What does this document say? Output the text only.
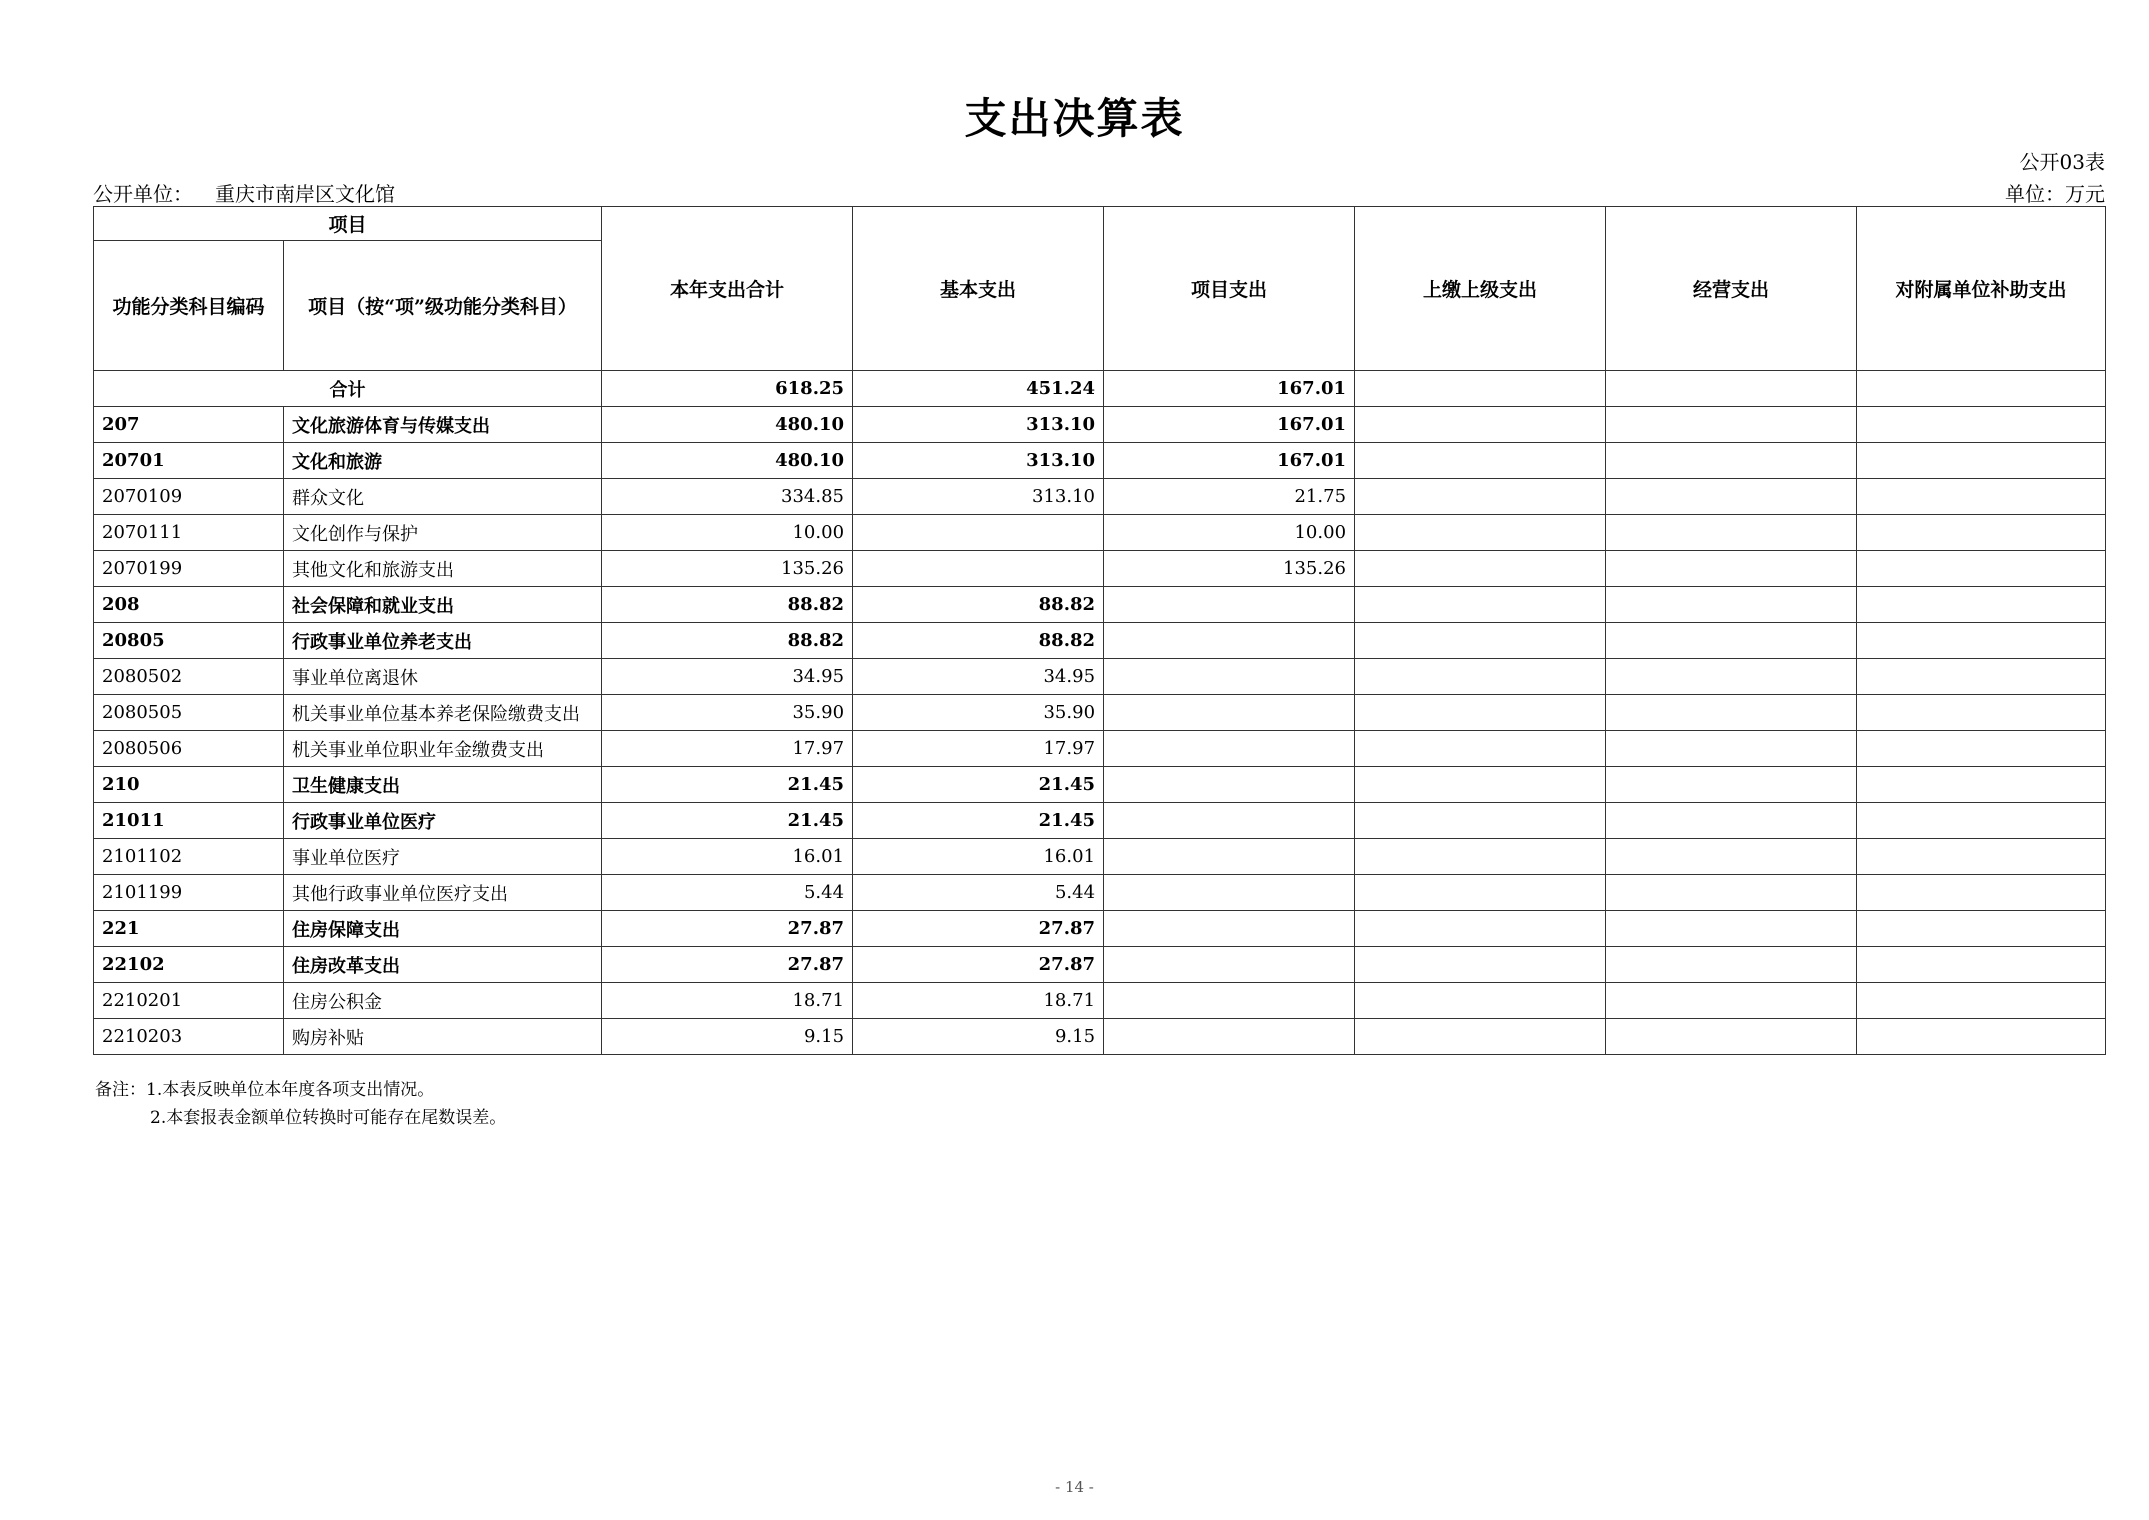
支出决算表
公开03表
公开单位： 重庆市南岸区文化馆	单位：万元
项目		本年支出合计	基本支出	项目支出	上缴上级支出	经营支出	对附属单位补助支出
功能分类科目编码	项目（按“项”级功能分类科目）						
合计		618.25	451.24	167.01			
207	文化旅游体育与传媒支出	480.10	313.10	167.01			
20701	文化和旅游	480.10	313.10	167.01			
2070109	群众文化	334.85	313.10	21.75			
2070111	文化创作与保护	10.00		10.00			
2070199	其他文化和旅游支出	135.26		135.26			
208	社会保障和就业支出	88.82	88.82				
20805	行政事业单位养老支出	88.82	88.82				
2080502	事业单位离退休	34.95	34.95				
2080505	机关事业单位基本养老保险缴费支出	35.90	35.90				
2080506	机关事业单位职业年金缴费支出	17.97	17.97				
210	卫生健康支出	21.45	21.45				
21011	行政事业单位医疗	21.45	21.45				
2101102	事业单位医疗	16.01	16.01				
2101199	其他行政事业单位医疗支出	5.44	5.44				
221	住房保障支出	27.87	27.87				
22102	住房改革支出	27.87	27.87				
2210201	住房公积金	18.71	18.71				
2210203	购房补贴	9.15	9.15				
备注：1.本表反映单位本年度各项支出情况。
2.本套报表金额单位转换时可能存在尾数误差。
- 14 -
